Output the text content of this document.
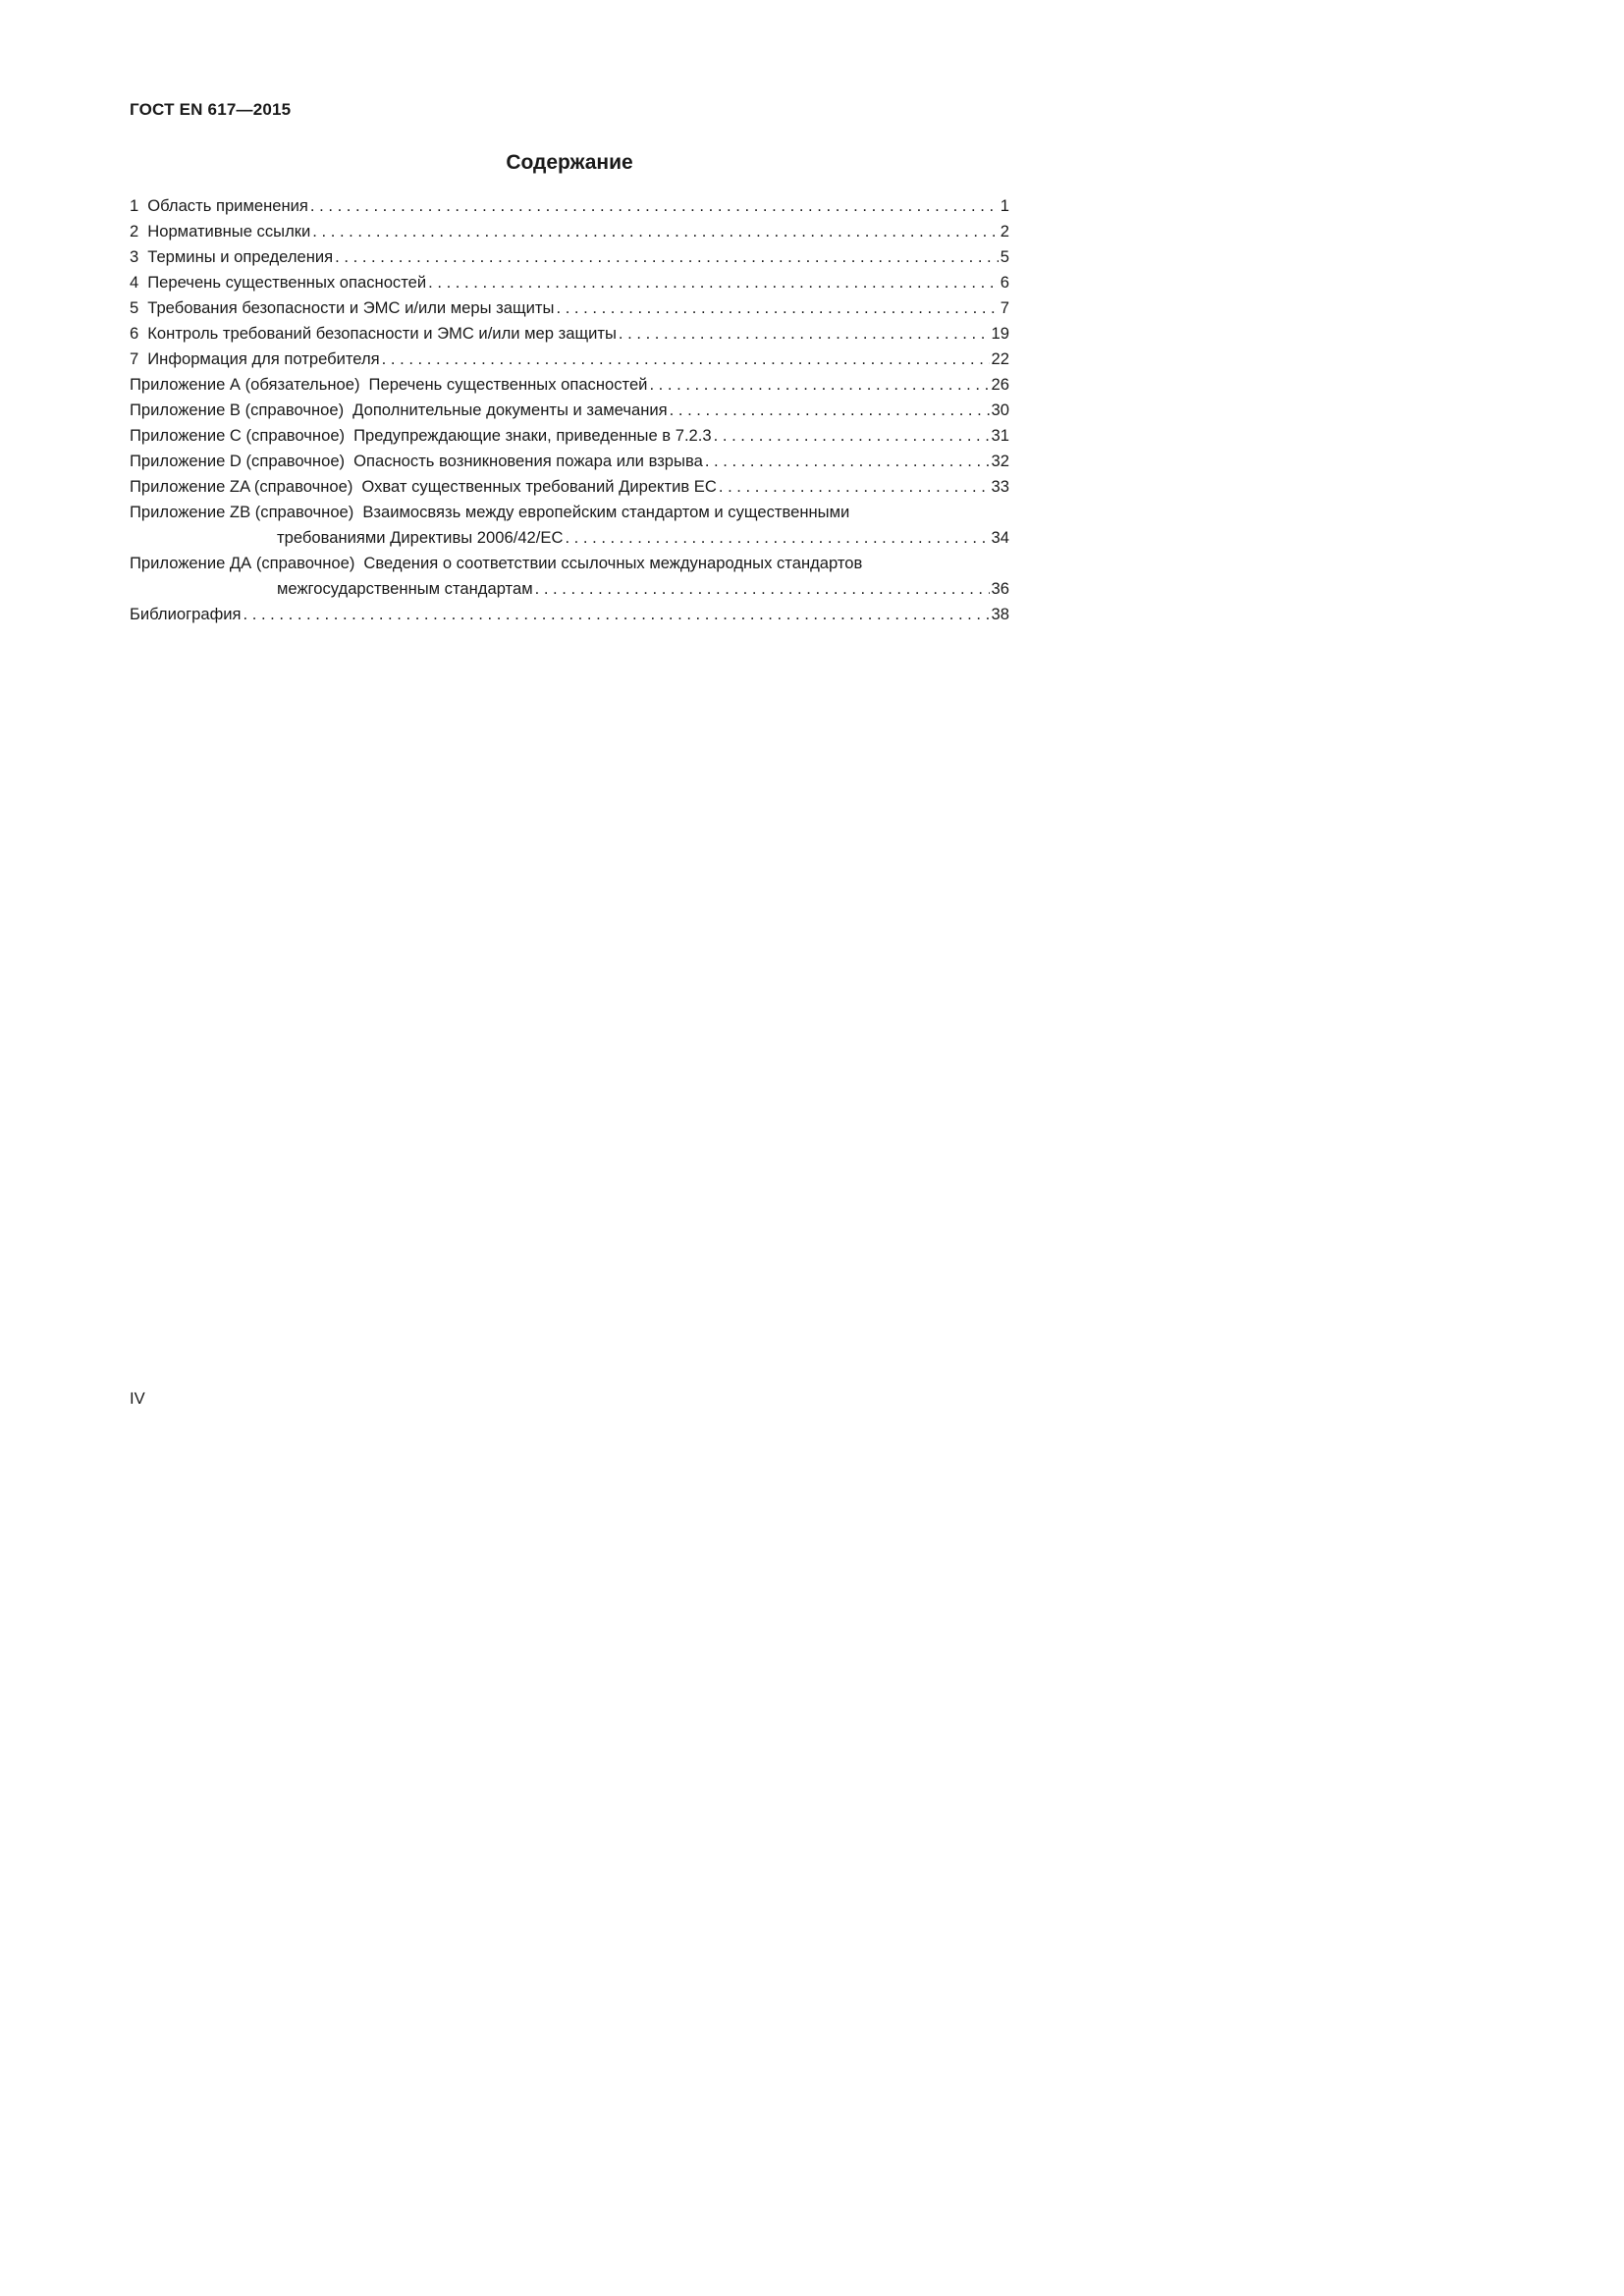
ГОСТ EN 617—2015
Содержание
1 Область применения . . .	1
2 Нормативные ссылки . . .	2
3 Термины и определения . . .	5
4 Перечень существенных опасностей . . .	6
5 Требования безопасности и ЭМС и/или меры защиты . . .	7
6 Контроль требований безопасности и ЭМС и/или мер защиты . . .	19
7 Информация для потребителя . . .	22
Приложение А (обязательное) Перечень существенных опасностей . . .	26
Приложение В (справочное) Дополнительные документы и замечания . . .	30
Приложение С (справочное) Предупреждающие знаки, приведенные в 7.2.3 . . .	31
Приложение D (справочное) Опасность возникновения пожара или взрыва . . .	32
Приложение ZA (справочное) Охват существенных требований Директив ЕС . . .	33
Приложение ZB (справочное) Взаимосвязь между европейским стандартом и существенными
требованиями Директивы 2006/42/ЕС . . .	34
Приложение ДА (справочное) Сведения о соответствии ссылочных международных стандартов
межгосударственным стандартам . . .	36
Библиография . . .	38
IV
